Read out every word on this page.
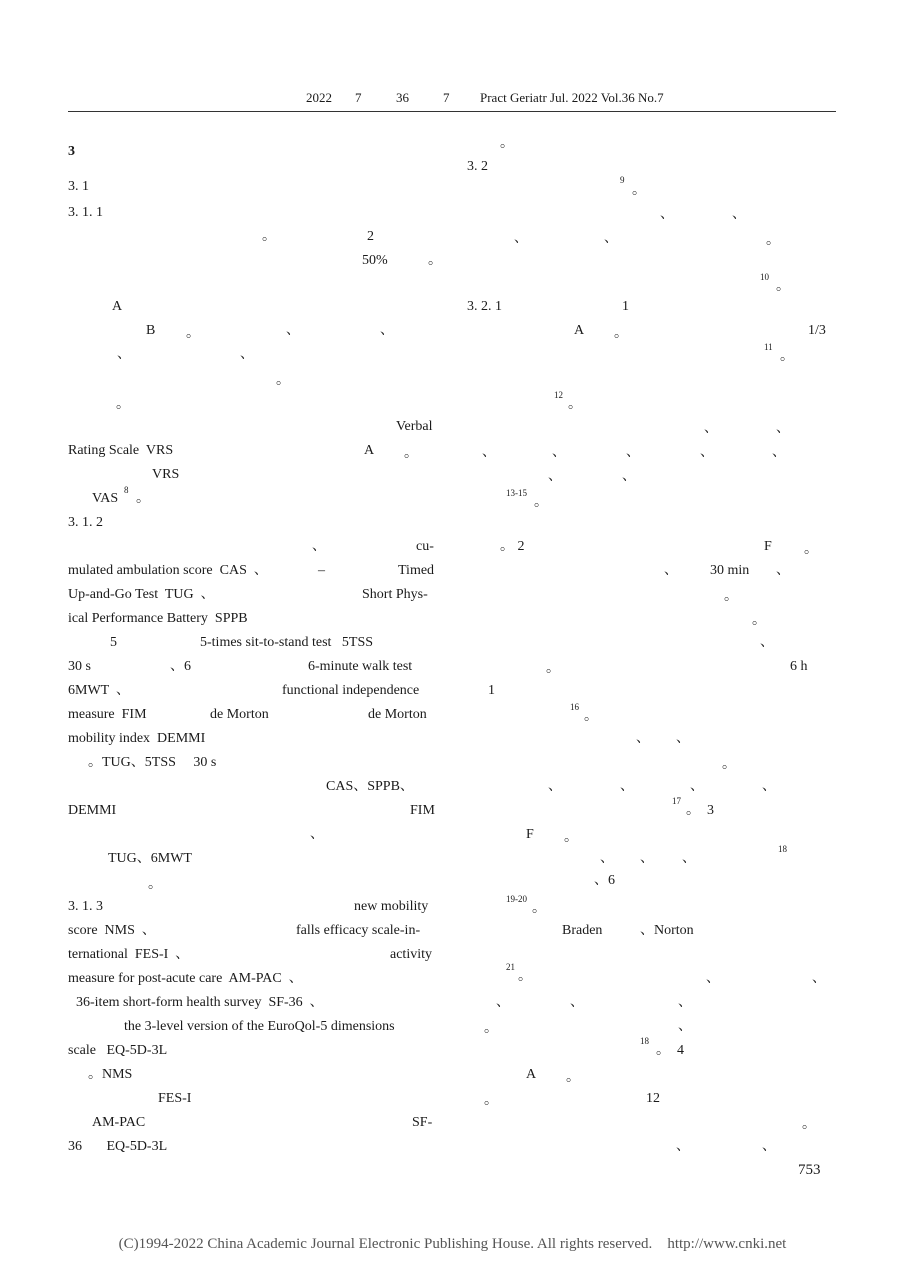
2022

7

	36

	7

Pract Geriatr Jul. 2022 Vol.36 No.7

3
3. 1
3. 1. 1
。	2
50%	。
A
B 。	、	、
、	、
。
。
Verbal
Rating Scale  VRS	A 。
VRS
VAS
8
。
3. 1. 2
、	cu-
mulated ambulation score  CAS  、	–	Timed
Up-and-Go Test  TUG  、	Short Phys-
ical Performance Battery  SPPB
5	5-times sit-to-stand test   5TSS
30 s	、6	6-minute walk test
6MWT  、	functional independence
measure  FIM	de Morton	de Morton
mobility index  DEMMI
。TUG、5TSS     30 s
CAS、SPPB、
DEMMI	FIM
、
TUG、6MWT
。
3. 1. 3	new mobility
score  NMS  、	falls efficacy scale-in-
ternational  FES-I  、	activity
measure for post-acute care  AM-PAC  、
36-item short-form health survey  SF-36  、
the 3-level version of the EuroQol-5 dimensions
scale   EQ-5D-3L
。NMS
FES-I
AM-PAC	SF-
36       EQ-5D-3L
。
3. 2
9
。
、	、
、	、	。
10
。
3. 2. 1	1
A 。	1/3
11
。
12
。
、	、
、	、	、	、	、
、	、
13-15
。
。 2	F 。
、 30 min 、
。
。
、
。	6 h
1
16
。
、 、
。
、	、	、	、
17
。  3
F 。
、 、 、
18
、6
19-20
。
Braden	、Norton
21
。	、	、
、	、	、
。	、
18
。  4
A 。
。	12
。
、	、
753
(C)1994-2022 China Academic Journal Electronic Publishing House. All rights reserved. http://www.cnki.net
